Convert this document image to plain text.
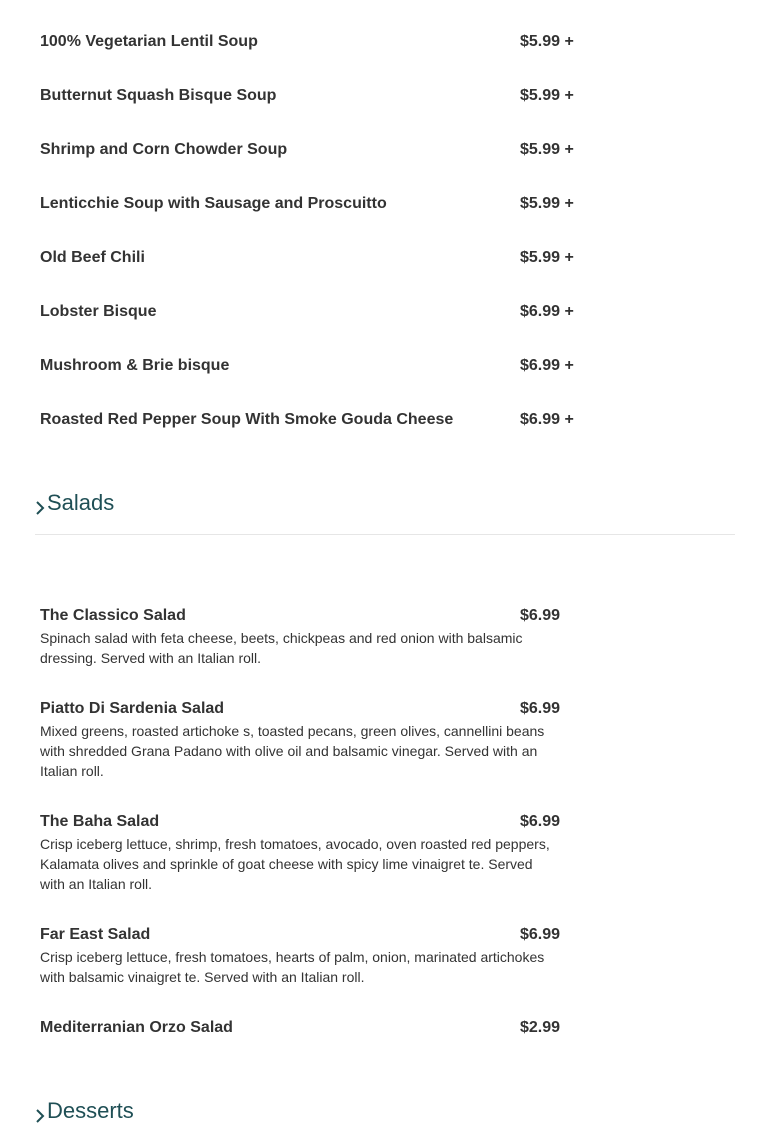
100% Vegetarian Lentil Soup	$5.99 +
Butternut Squash Bisque Soup	$5.99 +
Shrimp and Corn Chowder Soup	$5.99 +
Lenticchie Soup with Sausage and Proscuitto	$5.99 +
Old Beef Chili	$5.99 +
Lobster Bisque	$6.99 +
Mushroom & Brie bisque	$6.99 +
Roasted Red Pepper Soup With Smoke Gouda Cheese	$6.99 +
Salads
The Classico Salad	$6.99
Spinach salad with feta cheese, beets, chickpeas and red onion with balsamic dressing. Served with an Italian roll.
Piatto Di Sardenia Salad	$6.99
Mixed greens, roasted artichoke s, toasted pecans, green olives, cannellini beans with shredded Grana Padano with olive oil and balsamic vinegar. Served with an Italian roll.
The Baha Salad	$6.99
Crisp iceberg lettuce, shrimp, fresh tomatoes, avocado, oven roasted red peppers, Kalamata olives and sprinkle of goat cheese with spicy lime vinaigret te. Served with an Italian roll.
Far East Salad	$6.99
Crisp iceberg lettuce, fresh tomatoes, hearts of palm, onion, marinated artichokes with balsamic vinaigret te. Served with an Italian roll.
Mediterranian Orzo Salad	$2.99
Desserts
